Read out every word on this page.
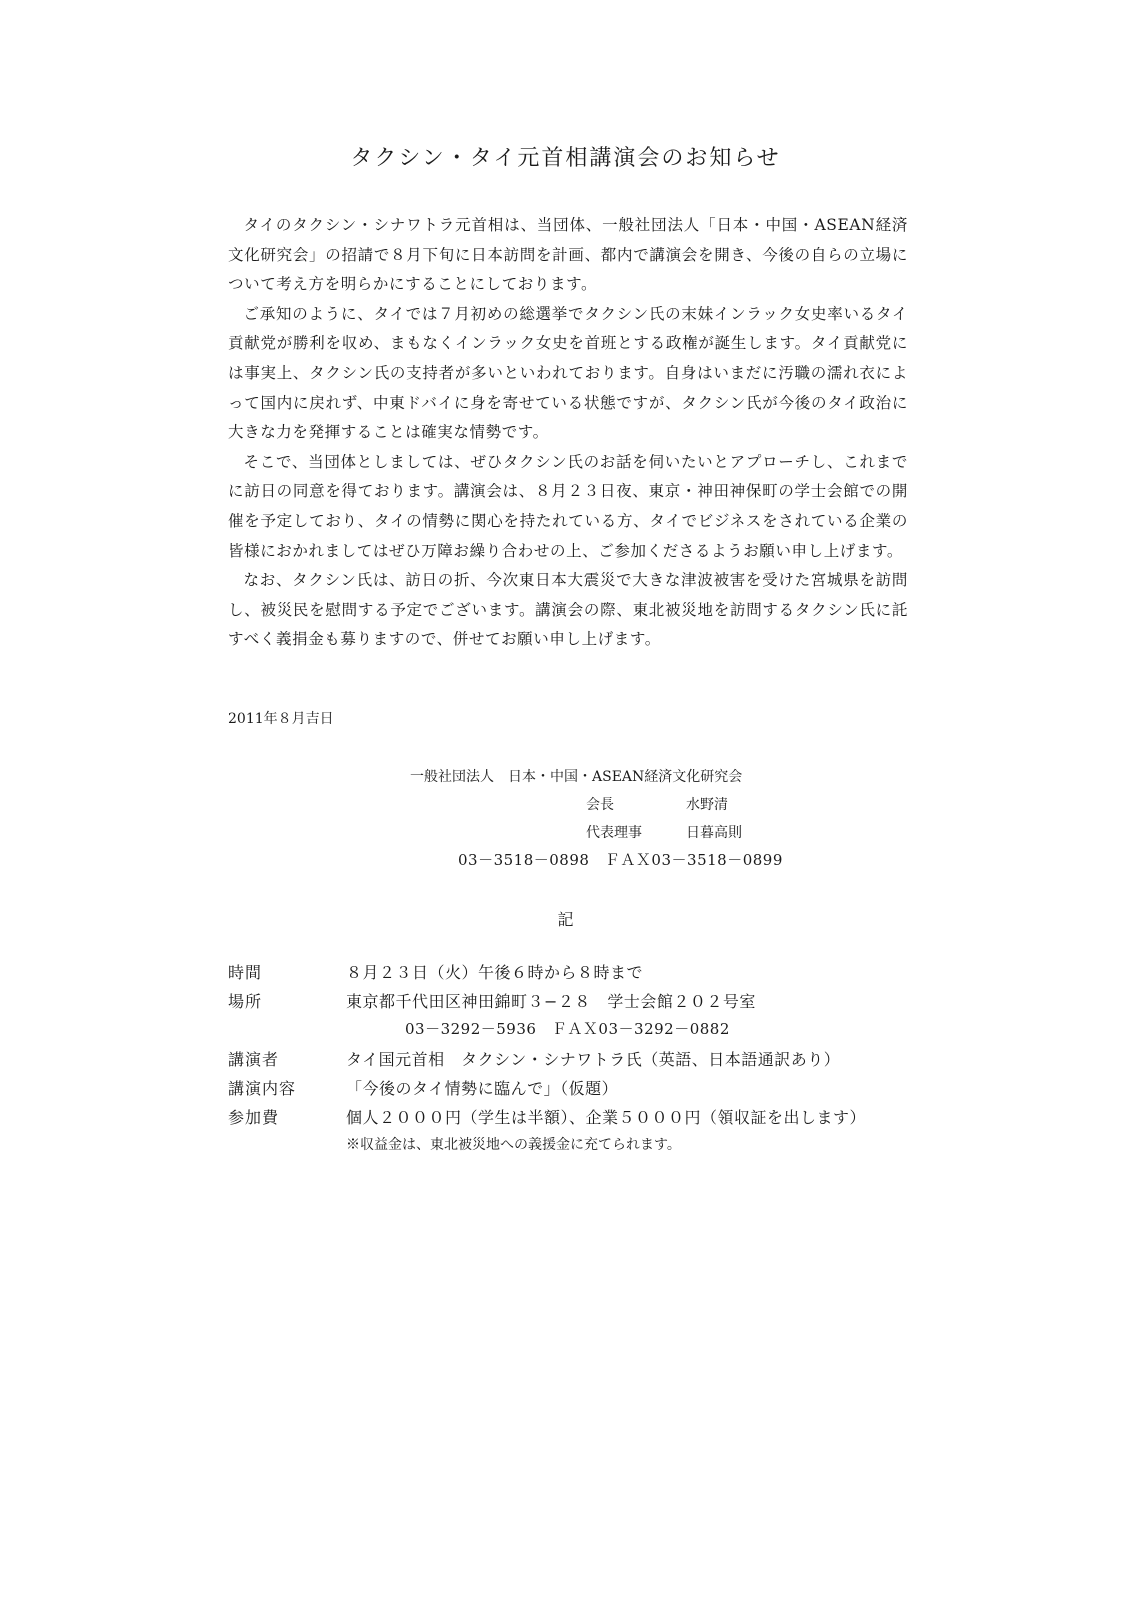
タクシン・タイ元首相講演会のお知らせ

タイのタクシン・シナワトラ元首相は、当団体、一般社団法人「日本・中国・ASEAN経済文化研究会」の招請で８月下旬に日本訪問を計画、都内で講演会を開き、今後の自らの立場について考え方を明らかにすることにしております。

ご承知のように、タイでは７月初めの総選挙でタクシン氏の末妹インラック女史率いるタイ貢献党が勝利を収め、まもなくインラック女史を首班とする政権が誕生します。タイ貢献党には事実上、タクシン氏の支持者が多いといわれております。自身はいまだに汚職の濡れ衣によって国内に戻れず、中東ドバイに身を寄せている状態ですが、タクシン氏が今後のタイ政治に大きな力を発揮することは確実な情勢です。

そこで、当団体としましては、ぜひタクシン氏のお話を伺いたいとアプローチし、これまでに訪日の同意を得ております。講演会は、８月２３日夜、東京・神田神保町の学士会館での開催を予定しており、タイの情勢に関心を持たれている方、タイでビジネスをされている企業の皆様におかれましてはぜひ万障お繰り合わせの上、ご参加くださるようお願い申し上げます。

なお、タクシン氏は、訪日の折、今次東日本大震災で大きな津波被害を受けた宮城県を訪問し、被災民を慰問する予定でございます。講演会の際、東北被災地を訪問するタクシン氏に託すべく義捐金も募りますので、併せてお願い申し上げます。

2011年８月吉日
一般社団法人　日本・中国・ASEAN経済文化研究会
会長	水野清
代表理事	日暮高則
03－3518－0898　ＦＡＸ03－3518－0899
記
時間	８月２３日（火）午後６時から８時まで
場所	東京都千代田区神田錦町３−２８　学士会館２０２号室
03－3292－5936　ＦＡＸ03－3292－0882
講演者	タイ国元首相　タクシン・シナワトラ氏（英語、日本語通訳あり）
講演内容	「今後のタイ情勢に臨んで」（仮題）
参加費	個人２０００円（学生は半額）、企業５０００円（領収証を出します）
※収益金は、東北被災地への義援金に充てられます。
